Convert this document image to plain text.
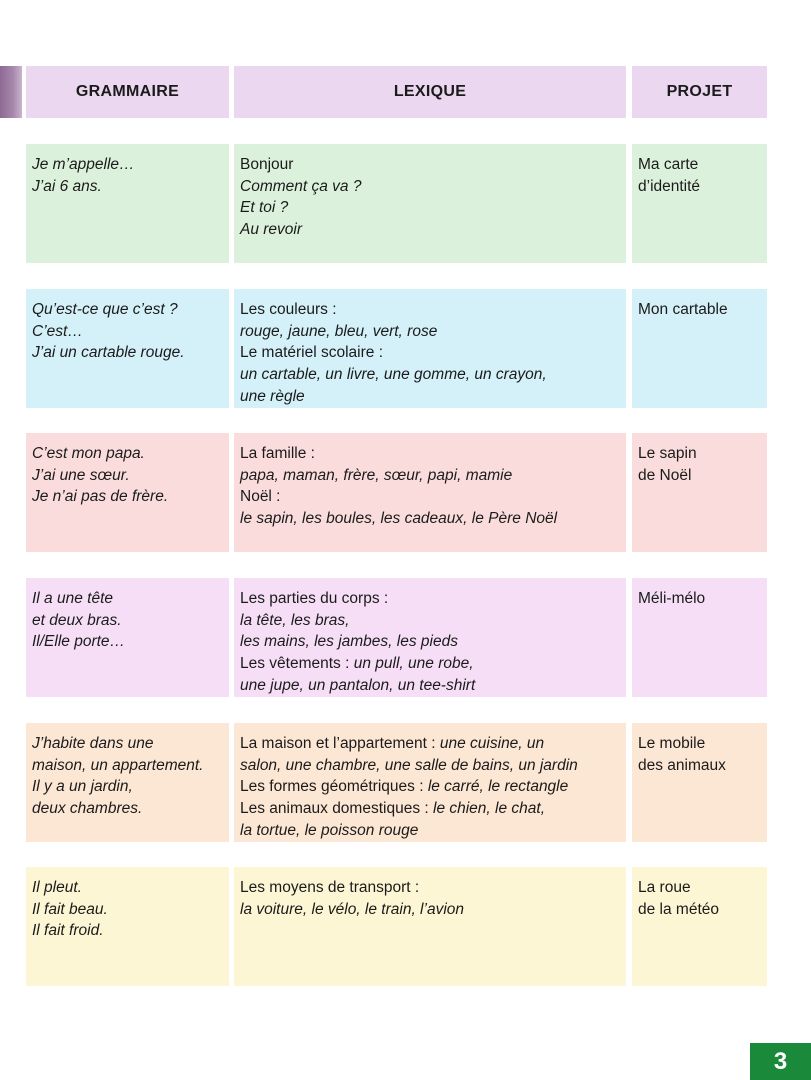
GRAMMAIRE	LEXIQUE	PROJET
Je m’appelle…
J’ai 6 ans.
Bonjour
Comment ça va ?
Et toi ?
Au revoir
Ma carte
d’identité
Qu’est-ce que c’est ?
C’est…
J’ai un cartable rouge.
Les couleurs :
rouge, jaune, bleu, vert, rose
Le matériel scolaire :
un cartable, un livre, une gomme, un crayon,
une règle
Mon cartable
C’est mon papa.
J’ai une sœur.
Je n’ai pas de frère.
La famille :
papa, maman, frère, sœur, papi, mamie
Noël :
le sapin, les boules, les cadeaux, le Père Noël
Le sapin
de Noël
Il a une tête
et deux bras.
Il/Elle porte…
Les parties du corps :
la tête, les bras,
les mains, les jambes, les pieds
Les vêtements : un pull, une robe,
une jupe, un pantalon, un tee-shirt
Méli-mélo
J’habite dans une
maison, un appartement.
Il y a un jardin,
deux chambres.
La maison et l’appartement : une cuisine, un
salon, une chambre, une salle de bains, un jardin
Les formes géométriques : le carré, le rectangle
Les animaux domestiques : le chien, le chat,
la tortue, le poisson rouge
Le mobile
des animaux
Il pleut.
Il fait beau.
Il fait froid.
Les moyens de transport :
la voiture, le vélo, le train, l’avion
La roue
de la météo
3
